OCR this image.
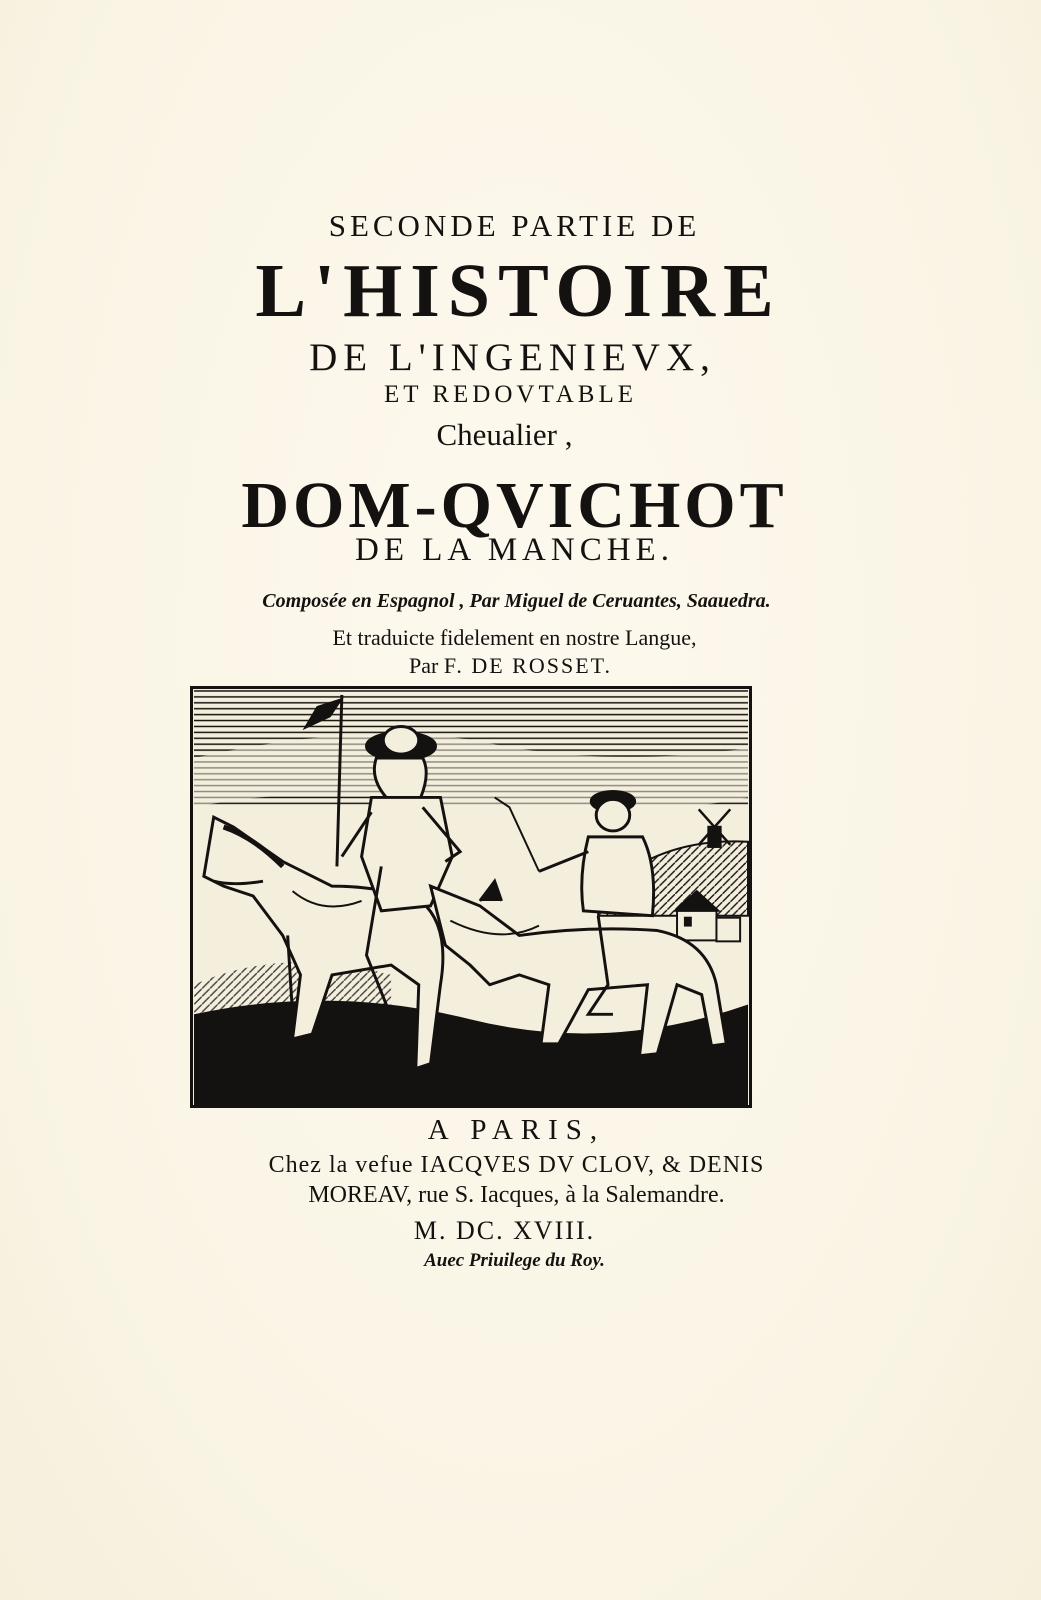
SECONDE PARTIE DE
L'HISTOIRE
DE L'INGENIEVX,
ET REDOVTABLE
Cheualier ,
DOM-QVICHOT
DE LA MANCHE.
Composée en Espagnol , Par Miguel de Ceruantes, Saauedra.
Et traduicte fidelement en nostre Langue,
Par F. DE ROSSET.
A PARIS,
Chez la vefue IACQVES DV CLOV, & DENIS
MOREAV, rue S. Iacques, à la Salemandre.
M. DC. XVIII.
Auec Priuilege du Roy.
